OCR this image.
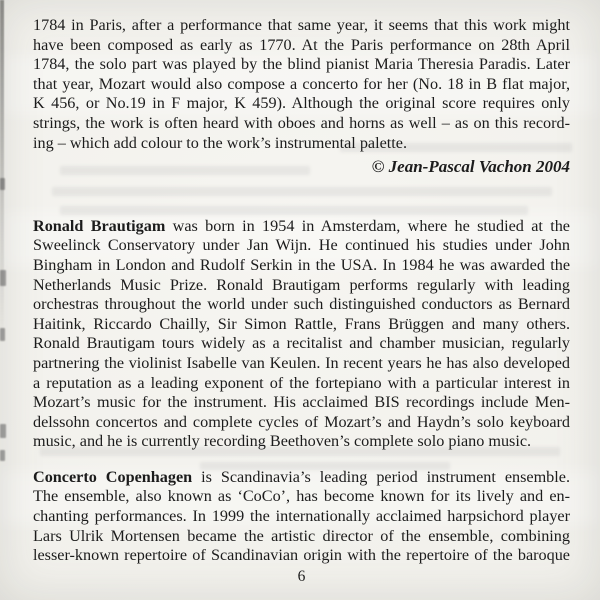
1784 in Paris, after a performance that same year, it seems that this work might
have been composed as early as 1770. At the Paris performance on 28th April
1784, the solo part was played by the blind pianist Maria Theresia Paradis. Later
that year, Mozart would also compose a concerto for her (No. 18 in B flat major,
K 456, or No.19 in F major, K 459). Although the original score requires only
strings, the work is often heard with oboes and horns as well – as on this record-
ing – which add colour to the work’s instrumental palette.
© Jean-Pascal Vachon 2004
Ronald Brautigam was born in 1954 in Amsterdam, where he studied at the
Sweelinck Conservatory under Jan Wijn. He continued his studies under John
Bingham in London and Rudolf Serkin in the USA. In 1984 he was awarded the
Netherlands Music Prize. Ronald Brautigam performs regularly with leading
orchestras throughout the world under such distinguished conductors as Bernard
Haitink, Riccardo Chailly, Sir Simon Rattle, Frans Brüggen and many others.
Ronald Brautigam tours widely as a recitalist and chamber musician, regularly
partnering the violinist Isabelle van Keulen. In recent years he has also developed
a reputation as a leading exponent of the fortepiano with a particular interest in
Mozart’s music for the instrument. His acclaimed BIS recordings include Men-
delssohn concertos and complete cycles of Mozart’s and Haydn’s solo keyboard
music, and he is currently recording Beethoven’s complete solo piano music.
Concerto Copenhagen is Scandinavia’s leading period instrument ensemble.
The ensemble, also known as ‘CoCo’, has become known for its lively and en-
chanting performances. In 1999 the internationally acclaimed harpsichord player
Lars Ulrik Mortensen became the artistic director of the ensemble, combining
lesser-known repertoire of Scandinavian origin with the repertoire of the baroque
6
